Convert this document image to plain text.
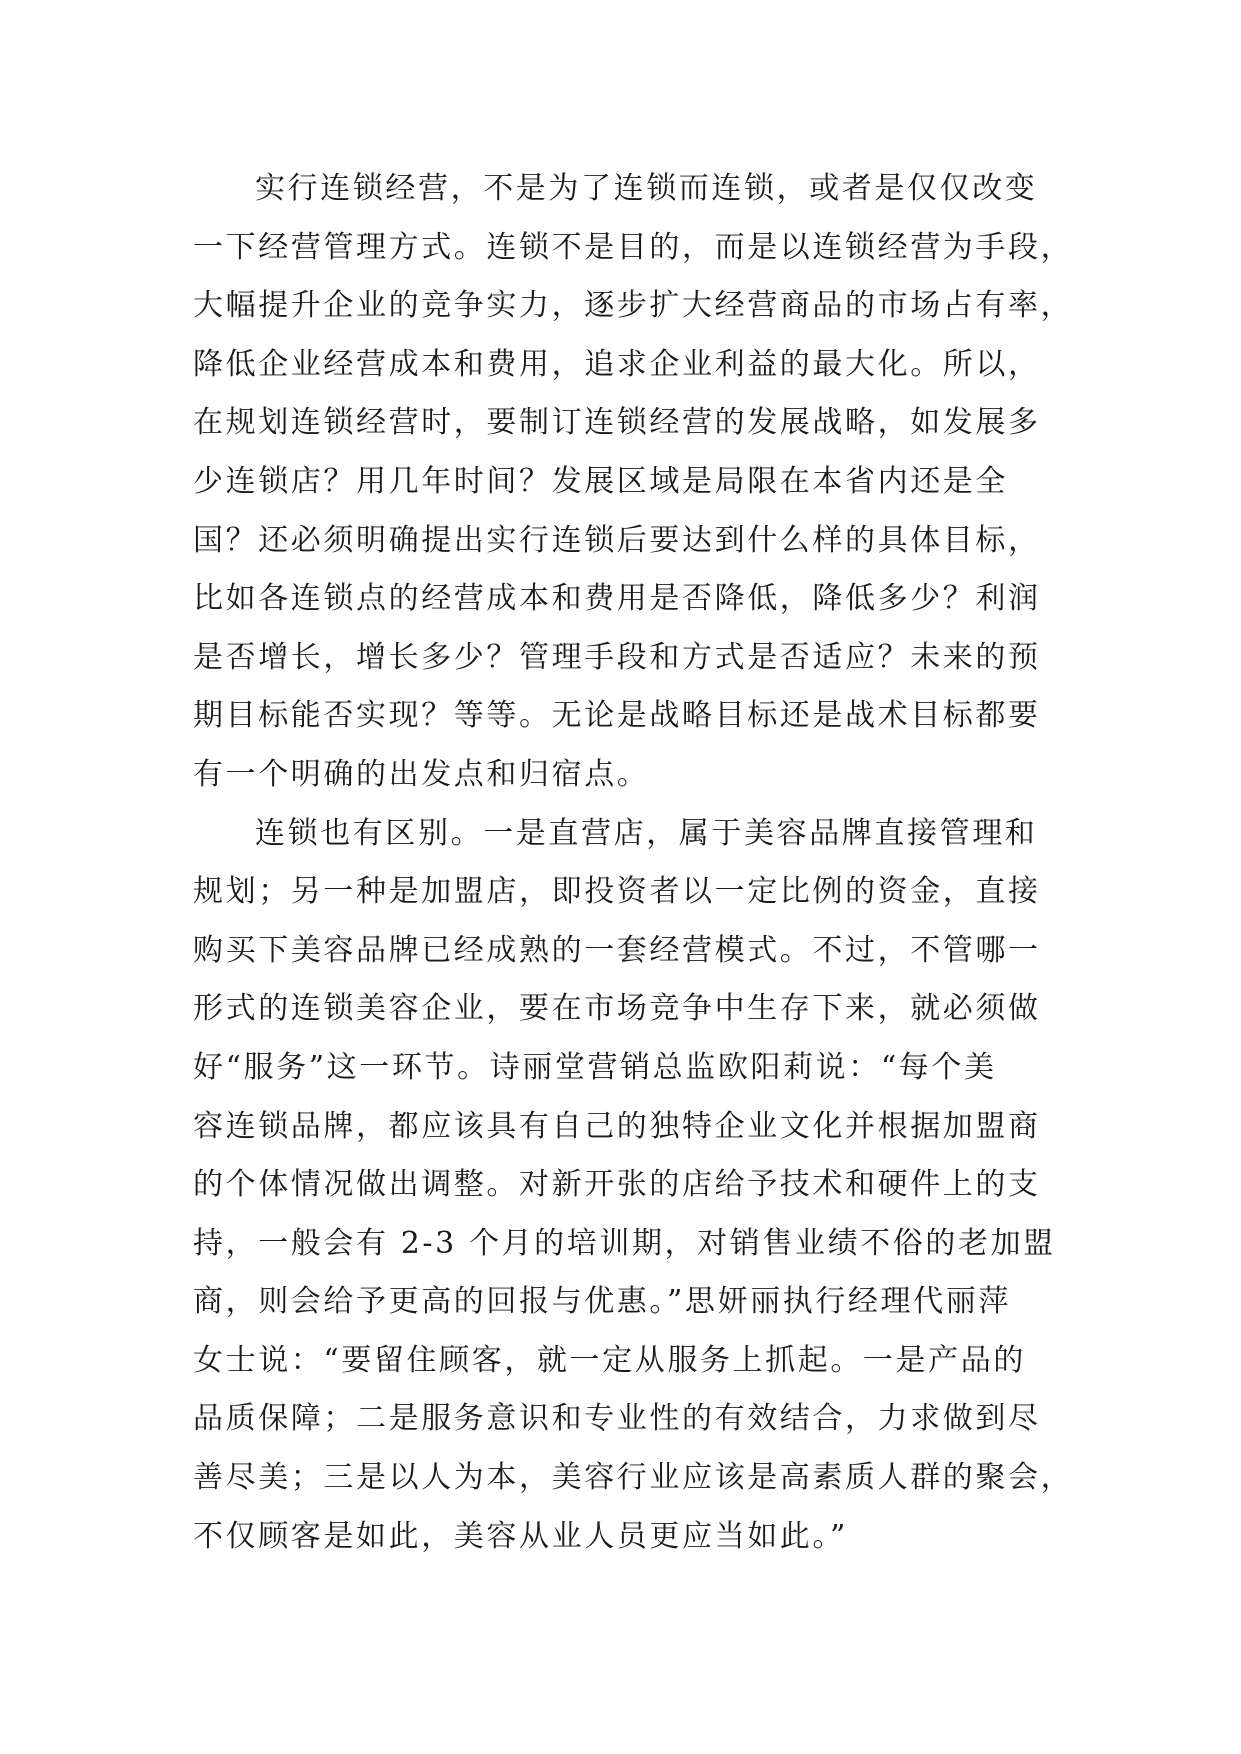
实行连锁经营，不是为了连锁而连锁，或者是仅仅改变
一下经营管理方式。连锁不是目的，而是以连锁经营为手段，
大幅提升企业的竞争实力，逐步扩大经营商品的市场占有率，
降低企业经营成本和费用，追求企业利益的最大化。所以，
在规划连锁经营时，要制订连锁经营的发展战略，如发展多
少连锁店？用几年时间？发展区域是局限在本省内还是全
国？还必须明确提出实行连锁后要达到什么样的具体目标，
比如各连锁点的经营成本和费用是否降低，降低多少？利润
是否增长，增长多少？管理手段和方式是否适应？未来的预
期目标能否实现？等等。无论是战略目标还是战术目标都要
有一个明确的出发点和归宿点。
连锁也有区别。一是直营店，属于美容品牌直接管理和
规划；另一种是加盟店，即投资者以一定比例的资金，直接
购买下美容品牌已经成熟的一套经营模式。不过，不管哪一
形式的连锁美容企业，要在市场竞争中生存下来，就必须做
好“服务”这一环节。诗丽堂营销总监欧阳莉说：“每个美
容连锁品牌，都应该具有自己的独特企业文化并根据加盟商
的个体情况做出调整。对新开张的店给予技术和硬件上的支
持，一般会有 2-3 个月的培训期，对销售业绩不俗的老加盟
商，则会给予更高的回报与优惠。”思妍丽执行经理代丽萍
女士说：“要留住顾客，就一定从服务上抓起。一是产品的
品质保障；二是服务意识和专业性的有效结合，力求做到尽
善尽美；三是以人为本，美容行业应该是高素质人群的聚会，
不仅顾客是如此，美容从业人员更应当如此。”
